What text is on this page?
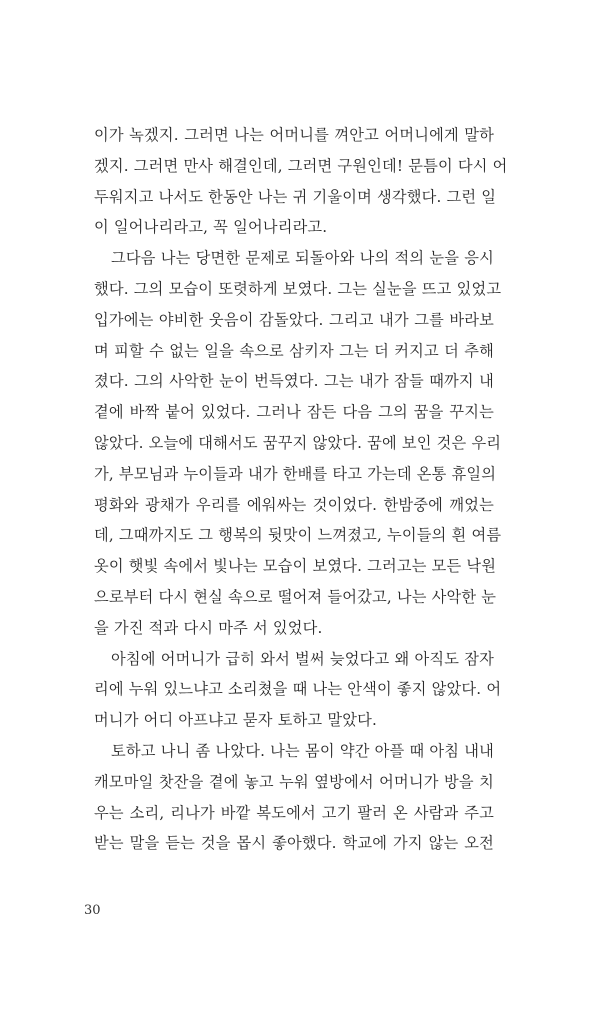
이가 녹겠지. 그러면 나는 어머니를 껴안고 어머니에게 말하
겠지. 그러면 만사 해결인데, 그러면 구원인데! 문틈이 다시 어
두워지고 나서도 한동안 나는 귀 기울이며 생각했다. 그런 일
이 일어나리라고, 꼭 일어나리라고.
그다음 나는 당면한 문제로 되돌아와 나의 적의 눈을 응시
했다. 그의 모습이 또렷하게 보였다. 그는 실눈을 뜨고 있었고
입가에는 야비한 웃음이 감돌았다. 그리고 내가 그를 바라보
며 피할 수 없는 일을 속으로 삼키자 그는 더 커지고 더 추해
졌다. 그의 사악한 눈이 번득였다. 그는 내가 잠들 때까지 내
곁에 바짝 붙어 있었다. 그러나 잠든 다음 그의 꿈을 꾸지는
않았다. 오늘에 대해서도 꿈꾸지 않았다. 꿈에 보인 것은 우리
가, 부모님과 누이들과 내가 한배를 타고 가는데 온통 휴일의
평화와 광채가 우리를 에워싸는 것이었다. 한밤중에 깨었는
데, 그때까지도 그 행복의 뒷맛이 느껴졌고, 누이들의 흰 여름
옷이 햇빛 속에서 빛나는 모습이 보였다. 그러고는 모든 낙원
으로부터 다시 현실 속으로 떨어져 들어갔고, 나는 사악한 눈
을 가진 적과 다시 마주 서 있었다.
아침에 어머니가 급히 와서 벌써 늦었다고 왜 아직도 잠자
리에 누워 있느냐고 소리쳤을 때 나는 안색이 좋지 않았다. 어
머니가 어디 아프냐고 묻자 토하고 말았다.
토하고 나니 좀 나았다. 나는 몸이 약간 아플 때 아침 내내
캐모마일 찻잔을 곁에 놓고 누워 옆방에서 어머니가 방을 치
우는 소리, 리나가 바깥 복도에서 고기 팔러 온 사람과 주고
받는 말을 듣는 것을 몹시 좋아했다. 학교에 가지 않는 오전
30
